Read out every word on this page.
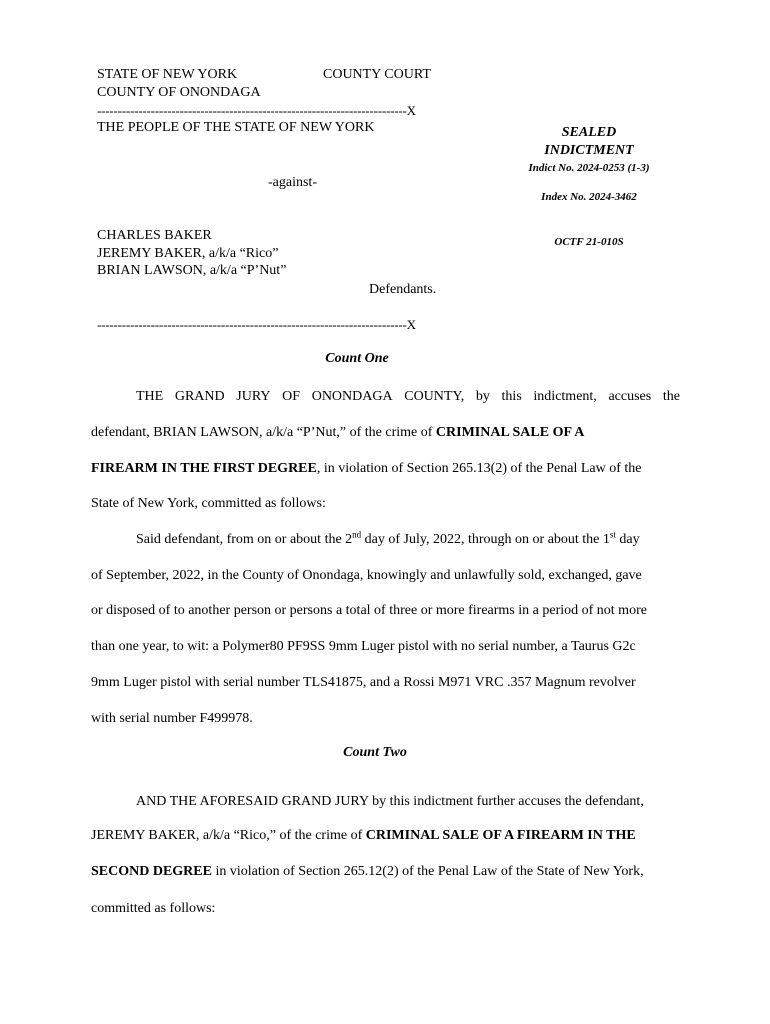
STATE OF NEW YORK	COUNTY COURT
COUNTY OF ONONDAGA
---------------------------------------------------------------------------X
THE PEOPLE OF THE STATE OF NEW YORK
-against-
CHARLES BAKER
JEREMY BAKER, a/k/a “Rico”
BRIAN LAWSON, a/k/a “P’Nut”
Defendants.
---------------------------------------------------------------------------X
SEALED
INDICTMENT
Indict No. 2024-0253 (1-3)
Index No. 2024-3462
OCTF 21-010S
Count One
THE GRAND JURY OF ONONDAGA COUNTY, by this indictment, accuses the
defendant, BRIAN LAWSON, a/k/a “P’Nut,” of the crime of CRIMINAL SALE OF A
FIREARM IN THE FIRST DEGREE, in violation of Section 265.13(2) of the Penal Law of the
State of New York, committed as follows:
Said defendant, from on or about the 2nd day of July, 2022, through on or about the 1st day
of September, 2022, in the County of Onondaga, knowingly and unlawfully sold, exchanged, gave
or disposed of to another person or persons a total of three or more firearms in a period of not more
than one year, to wit: a Polymer80 PF9SS 9mm Luger pistol with no serial number, a Taurus G2c
9mm Luger pistol with serial number TLS41875, and a Rossi M971 VRC .357 Magnum revolver
with serial number F499978.
Count Two
AND THE AFORESAID GRAND JURY by this indictment further accuses the defendant,
JEREMY BAKER, a/k/a “Rico,” of the crime of CRIMINAL SALE OF A FIREARM IN THE
SECOND DEGREE in violation of Section 265.12(2) of the Penal Law of the State of New York,
committed as follows:
